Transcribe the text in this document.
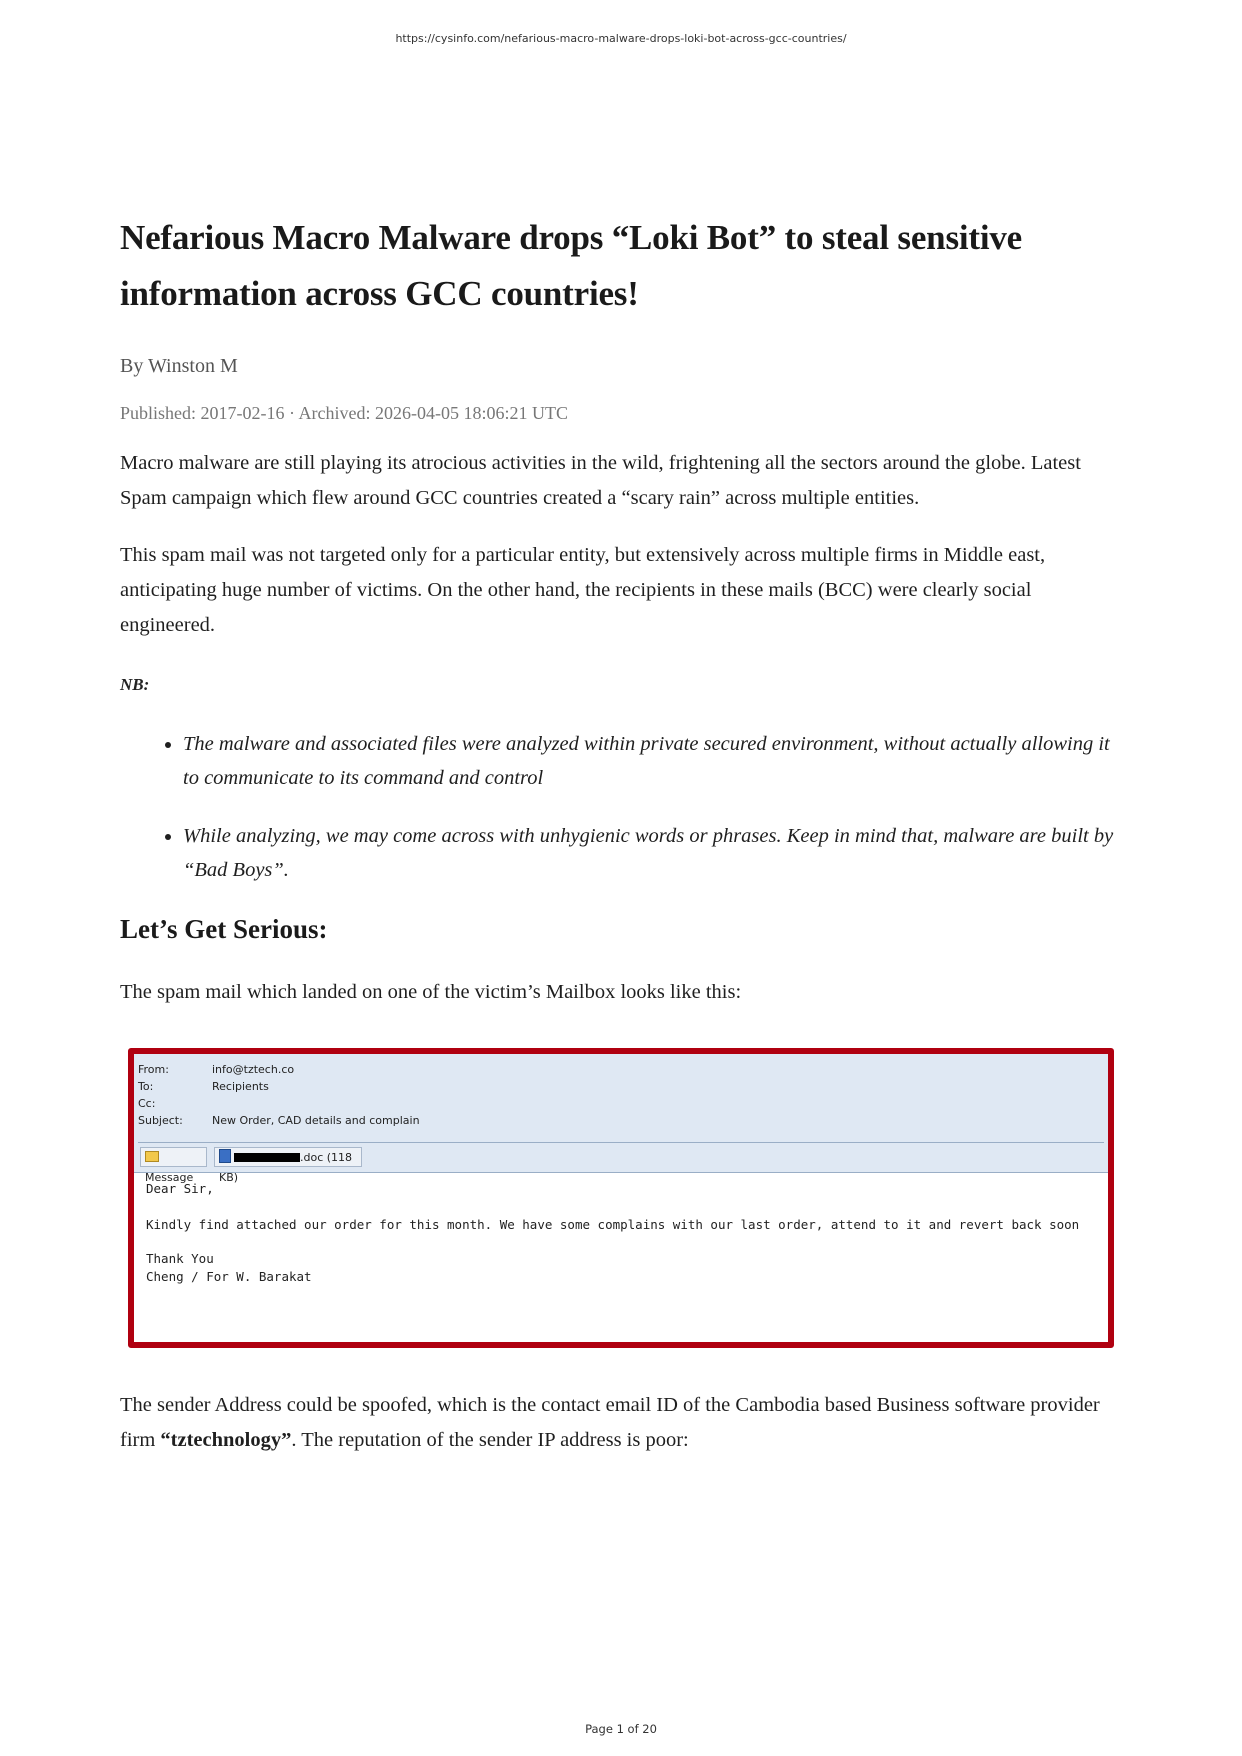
https://cysinfo.com/nefarious-macro-malware-drops-loki-bot-across-gcc-countries/
Nefarious Macro Malware drops “Loki Bot” to steal sensitive information across GCC countries!
By Winston M
Published: 2017-02-16 · Archived: 2026-04-05 18:06:21 UTC

Macro malware are still playing its atrocious activities in the wild, frightening all the sectors around the globe. Latest Spam campaign which flew around GCC countries created a “scary rain” across multiple entities.

This spam mail was not targeted only for a particular entity, but extensively across multiple firms in Middle east, anticipating huge number of victims. On the other hand, the recipients in these mails (BCC) were clearly social engineered.

NB:
• The malware and associated files were analyzed within private secured environment, without actually allowing it to communicate to its command and control
• While analyzing, we may come across with unhygienic words or phrases. Keep in mind that, malware are built by “Bad Boys”.
Let’s Get Serious:

The spam mail which landed on one of the victim’s Mailbox looks like this:

From:	info@tztech.co
To:	Recipients
Cc:
Subject:	New Order, CAD details and complain
Message
.doc (118 KB)

Dear Sir,

Kindly find attached our order for this month. We have some complains with our last order, attend to it and revert back soon

Thank You

Cheng / For W. Barakat

The sender Address could be spoofed, which is the contact email ID of the Cambodia based Business software provider firm “tztechnology”. The reputation of the sender IP address is poor:

Page 1 of 20
